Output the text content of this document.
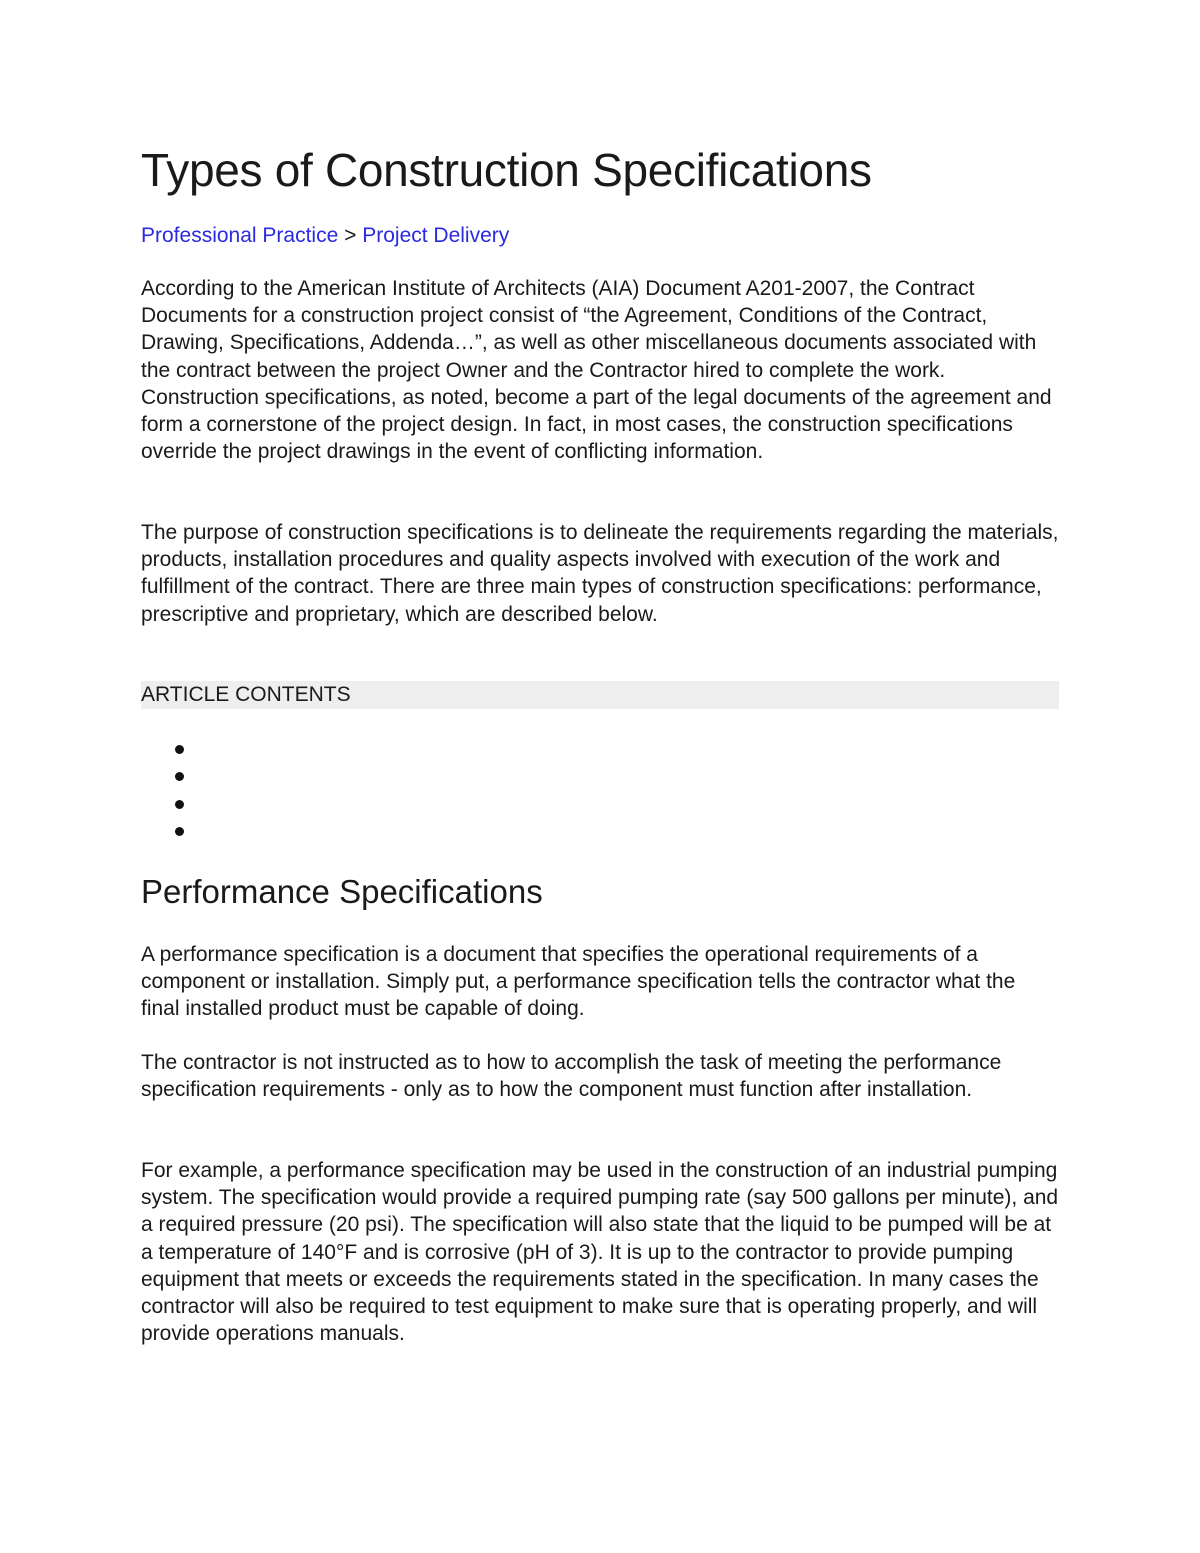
Types of Construction Specifications
Professional Practice > Project Delivery

According to the American Institute of Architects (AIA) Document A201-2007, the Contract Documents for a construction project consist of “the Agreement, Conditions of the Contract, Drawing, Specifications, Addenda…”, as well as other miscellaneous documents associated with the contract between the project Owner and the Contractor hired to complete the work. Construction specifications, as noted, become a part of the legal documents of the agreement and form a cornerstone of the project design. In fact, in most cases, the construction specifications override the project drawings in the event of conflicting information.

The purpose of construction specifications is to delineate the requirements regarding the materials, products, installation procedures and quality aspects involved with execution of the work and fulfillment of the contract. There are three main types of construction specifications: performance, prescriptive and proprietary, which are described below.

ARTICLE CONTENTS
Performance Specifications

A performance specification is a document that specifies the operational requirements of a component or installation. Simply put, a performance specification tells the contractor what the final installed product must be capable of doing.

The contractor is not instructed as to how to accomplish the task of meeting the performance specification requirements - only as to how the component must function after installation.

For example, a performance specification may be used in the construction of an industrial pumping system. The specification would provide a required pumping rate (say 500 gallons per minute), and a required pressure (20 psi). The specification will also state that the liquid to be pumped will be at a temperature of 140°F and is corrosive (pH of 3). It is up to the contractor to provide pumping equipment that meets or exceeds the requirements stated in the specification. In many cases the contractor will also be required to test equipment to make sure that is operating properly, and will provide operations manuals.
